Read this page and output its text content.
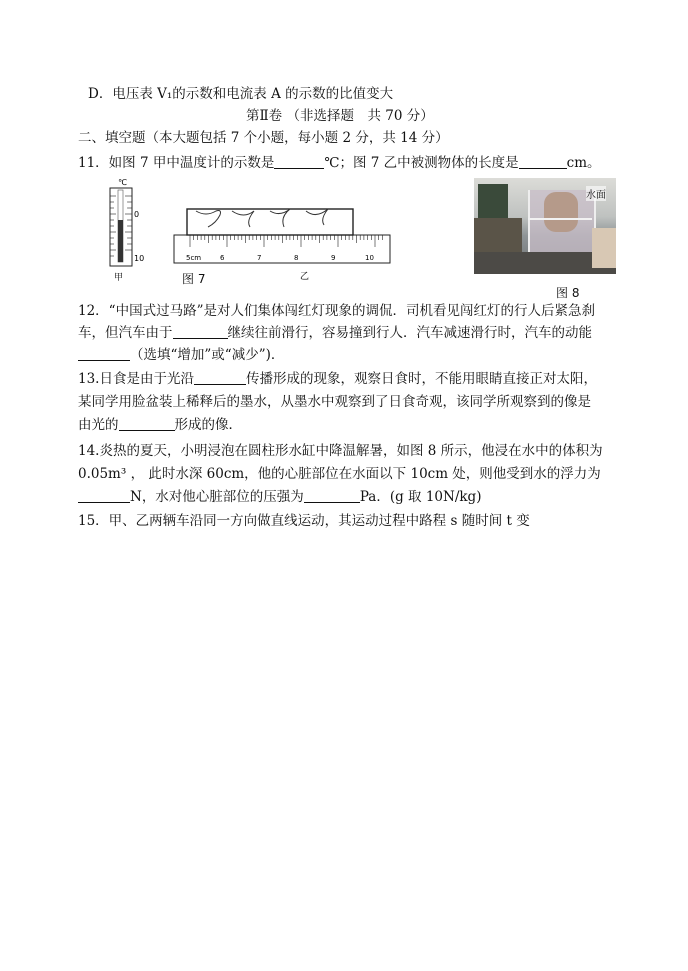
D．电压表 V₁的示数和电流表 A 的示数的比值变大
第Ⅱ卷 （非选择题　共 70 分）
二、填空题（本大题包括 7 个小题，每小题 2 分，共 14 分）
11．如图 7 甲中温度计的示数是	℃；图 7 乙中被测物体的长度是	cm。
℃
0
10
甲
5cm	6	7	8	9	10
乙
图 7
水面
图 8
12．“中国式过马路”是对人们集体闯红灯现象的调侃．司机看见闯红灯的行人后紧急刹
车，但汽车由于	继续往前滑行，容易撞到行人．汽车减速滑行时，汽车的动能
（选填“增加”或“减少”)．
13.日食是由于光沿	传播形成的现象，观察日食时，不能用眼睛直接正对太阳，
某同学用脸盆装上稀释后的墨水，从墨水中观察到了日食奇观，该同学所观察到的像是
由光的	形成的像．
14.炎热的夏天，小明浸泡在圆柱形水缸中降温解暑，如图 8 所示，他浸在水中的体积为
0.05m³ ， 此时水深 60cm，他的心脏部位在水面以下 10cm 处，则他受到水的浮力为
N，水对他心脏部位的压强为	Pa．(g 取 10N/kg)
15．甲、乙两辆车沿同一方向做直线运动，其运动过程中路程 s 随时间 t 变
